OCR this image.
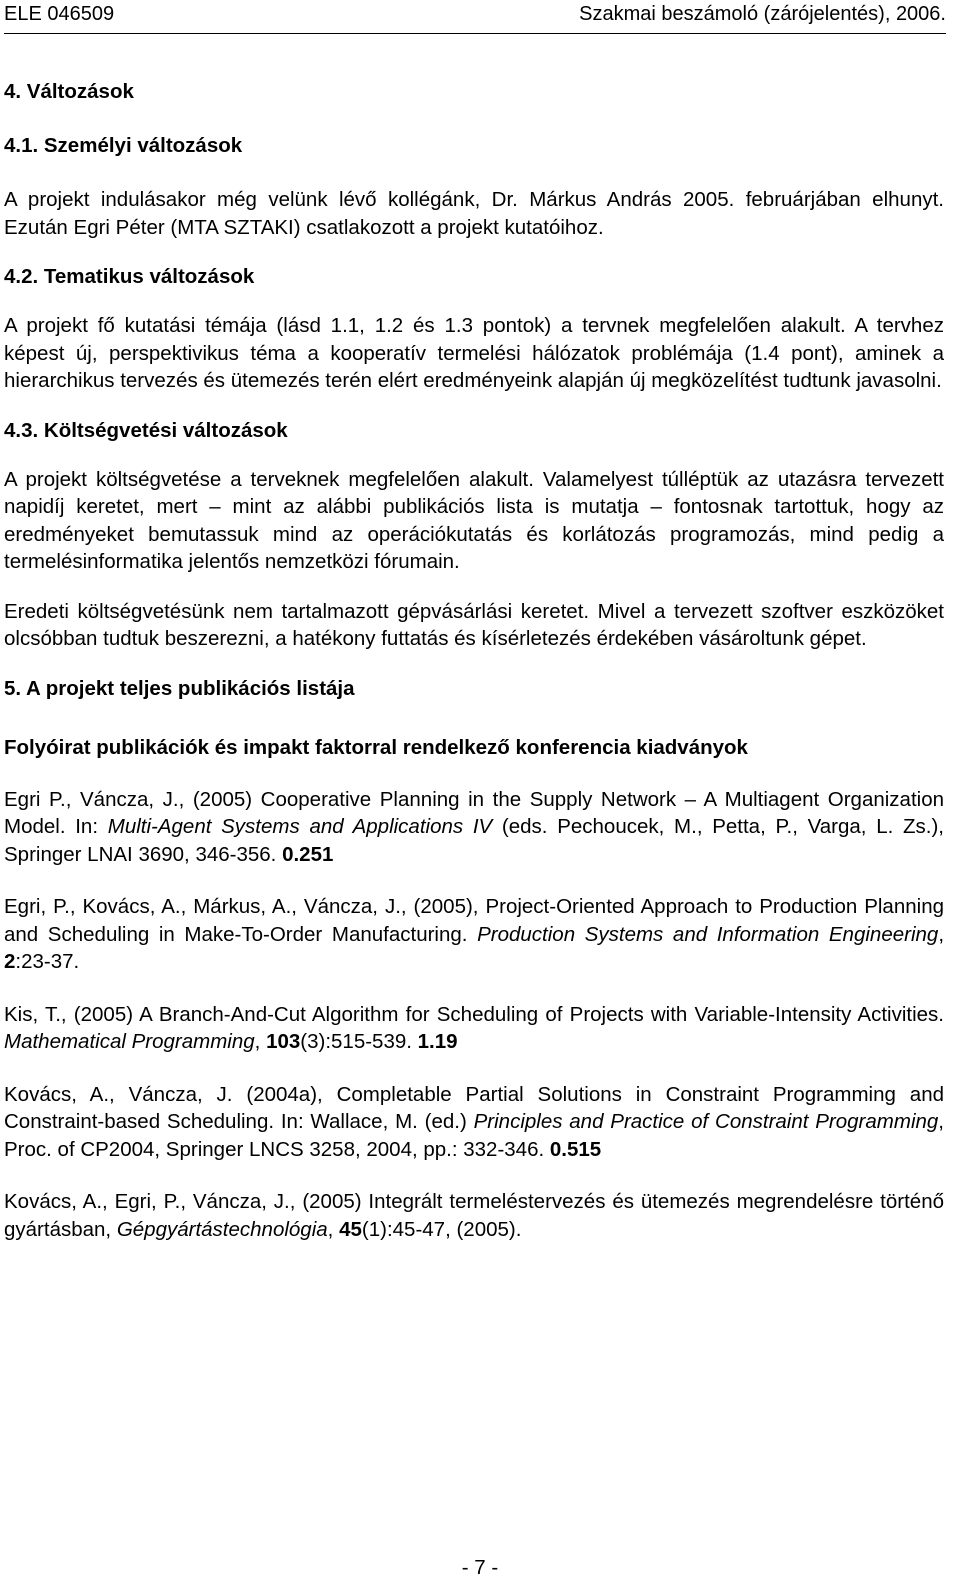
ELE 046509	Szakmai beszámoló (zárójelentés), 2006.
4. Változások
4.1. Személyi változások

A projekt indulásakor még velünk lévő kollégánk, Dr. Márkus András 2005. februárjában elhunyt. Ezután Egri Péter (MTA SZTAKI) csatlakozott a projekt kutatóihoz.

4.2. Tematikus változások

A projekt fő kutatási témája (lásd 1.1, 1.2 és 1.3 pontok) a tervnek megfelelően alakult. A tervhez képest új, perspektivikus téma a kooperatív termelési hálózatok problémája (1.4 pont), aminek a hierarchikus tervezés és ütemezés terén elért eredményeink alapján új megközelítést tudtunk javasolni.

4.3. Költségvetési változások

A projekt költségvetése a terveknek megfelelően alakult. Valamelyest túlléptük az utazásra tervezett napidíj keretet, mert – mint az alábbi publikációs lista is mutatja – fontosnak tartottuk, hogy az eredményeket bemutassuk mind az operációkutatás és korlátozás programozás, mind pedig a termelésinformatika jelentős nemzetközi fórumain.

Eredeti költségvetésünk nem tartalmazott gépvásárlási keretet. Mivel a tervezett szoftver eszközöket olcsóbban tudtuk beszerezni, a hatékony futtatás és kísérletezés érdekében vásároltunk gépet.

5. A projekt teljes publikációs listája
Folyóirat publikációk és impakt faktorral rendelkező konferencia kiadványok

Egri P., Váncza, J., (2005) Cooperative Planning in the Supply Network – A Multiagent Organization Model. In: Multi-Agent Systems and Applications IV (eds. Pechoucek, M., Petta, P., Varga, L. Zs.), Springer LNAI 3690, 346-356. 0.251

Egri, P., Kovács, A., Márkus, A., Váncza, J., (2005), Project-Oriented Approach to Production Planning and Scheduling in Make-To-Order Manufacturing. Production Systems and Information Engineering, 2:23-37.

Kis, T., (2005) A Branch-And-Cut Algorithm for Scheduling of Projects with Variable-Intensity Activities. Mathematical Programming, 103(3):515-539. 1.19

Kovács, A., Váncza, J. (2004a), Completable Partial Solutions in Constraint Programming and Constraint-based Scheduling. In: Wallace, M. (ed.) Principles and Practice of Constraint Programming, Proc. of CP2004, Springer LNCS 3258, 2004, pp.: 332-346. 0.515

Kovács, A., Egri, P., Váncza, J., (2005) Integrált termeléstervezés és ütemezés megrendelésre történő gyártásban, Gépgyártástechnológia, 45(1):45-47, (2005).

- 7 -
